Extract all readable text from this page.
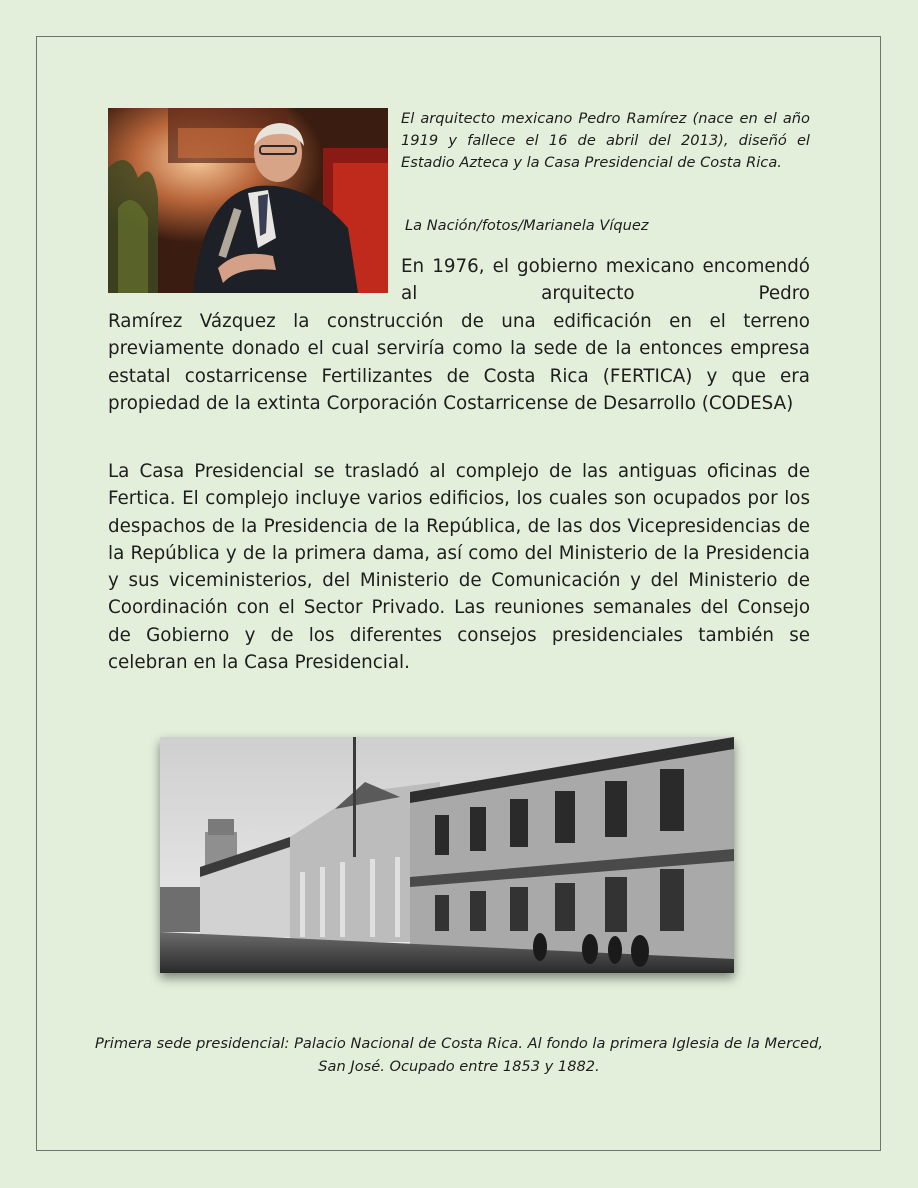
El arquitecto mexicano Pedro Ramírez (nace en el año 1919 y fallece el 16 de abril del 2013), diseñó el Estadio Azteca y la Casa Presidencial de Costa Rica.

La Nación/fotos/Marianela Víquez

En 1976, el gobierno mexicano encomendó al arquitecto Pedro

Ramírez Vázquez la construcción de una edificación en el terreno previamente donado el cual serviría como la sede de la entonces empresa estatal costarricense Fertilizantes de Costa Rica (FERTICA) y que era propiedad de la extinta Corporación Costarricense de Desarrollo (CODESA)

La Casa Presidencial se trasladó al complejo de las antiguas oficinas de Fertica. El complejo incluye varios edificios, los cuales son ocupados por los despachos de la Presidencia de la República, de las dos Vicepresidencias de la República y de la primera dama, así como del Ministerio de la Presidencia y sus viceministerios, del Ministerio de Comunicación y del Ministerio de Coordinación con el Sector Privado. Las reuniones semanales del Consejo de Gobierno y de los diferentes consejos presidenciales también se celebran en la Casa Presidencial.

Primera sede presidencial: Palacio Nacional de Costa Rica. Al fondo la primera Iglesia de la Merced, San José. Ocupado entre 1853 y 1882.
